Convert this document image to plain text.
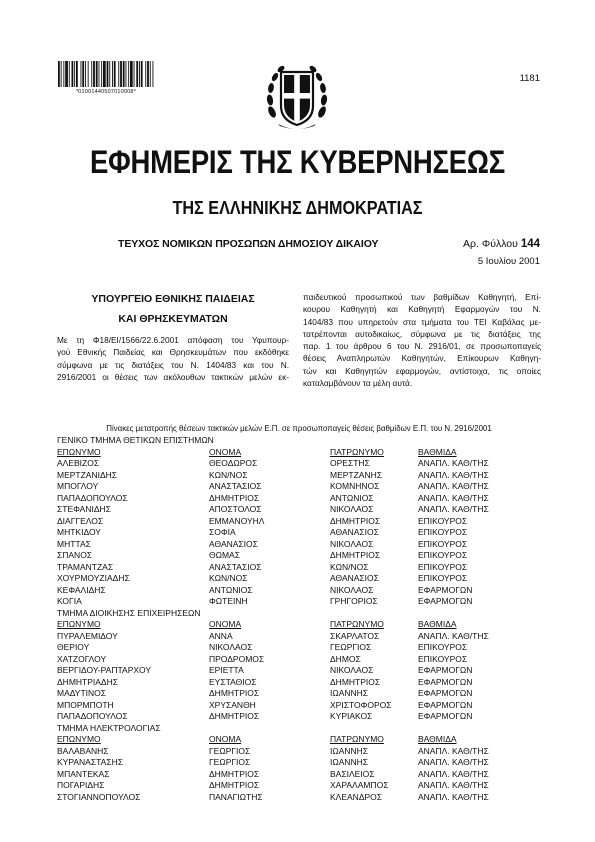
*01001440507010008*
1181
ΕΦΗΜΕΡΙΣ ΤΗΣ ΚΥΒΕΡΝΗΣΕΩΣ
ΤΗΣ ΕΛΛΗΝΙΚΗΣ ΔΗΜΟΚΡΑΤΙΑΣ
ΤΕΥΧΟΣ ΝΟΜΙΚΩΝ ΠΡΟΣΩΠΩΝ ΔΗΜΟΣΙΟΥ ΔΙΚΑΙΟΥ	Αρ. Φύλλου 144
5 Ιουλίου 2001
ΥΠΟΥΡΓΕΙΟ ΕΘΝΙΚΗΣ ΠΑΙΔΕΙΑΣ
ΚΑΙ ΘΡΗΣΚΕΥΜΑΤΩΝ
Με τη Φ18/ΕΙ/1566/22.6.2001 απόφαση του Υφυπουρ-
γού Εθνικής Παιδείας και Θρησκευμάτων που εκδόθηκε
σύμφωνα με τις διατάξεις του Ν. 1404/83 και του Ν.
2916/2001 οι θέσεις των ακόλουθων τακτικών μελών εκ-
παιδευτικού προσωπικού των βαθμίδων Καθηγητή, Επί-
κουρου Καθηγητή και Καθηγητή Εφαρμογών του Ν.
1404/83 που υπηρετούν στα τμήματα του ΤΕΙ Καβάλας με-
τατρέπονται αυτοδικαίως, σύμφωνα με τις διατάξεις της
παρ. 1 του άρθρου 6 του Ν. 2916/01, σε προσωποπαγείς
θέσεις Αναπληρωτών Καθηγητών, Επίκουρων Καθηγη-
τών και Καθηγητών εφαρμογών, αντίστοιχα, τις οποίες
καταλαμβάνουν τα μέλη αυτά.
Πίνακες μετατροπής θέσεων τακτικών μελών Ε.Π. σε προσωποπαγείς θέσεις βαθμίδων Ε.Π. του Ν. 2916/2001
ΓΕΝΙΚΟ ΤΜΗΜΑ ΘΕΤΙΚΩΝ ΕΠΙΣΤΗΜΩΝ
ΕΠΩΝΥΜΟ	ΟΝΟΜΑ	ΠΑΤΡΩΝΥΜΟ	ΒΑΘΜΙΔΑ
ΑΛΕΒΙΖΟΣ	ΘΕΟΔΩΡΟΣ	ΟΡΕΣΤΗΣ	ΑΝΑΠΛ. ΚΑΘ/ΤΗΣ
ΜΕΡΤΖΑΝΙΔΗΣ	ΚΩΝ/ΝΟΣ	ΜΕΡΤΖΑΝΗΣ	ΑΝΑΠΛ. ΚΑΘ/ΤΗΣ
ΜΠΟΓΛΟΥ	ΑΝΑΣΤΑΣΙΟΣ	ΚΟΜΝΗΝΟΣ	ΑΝΑΠΛ. ΚΑΘ/ΤΗΣ
ΠΑΠΑΔΟΠΟΥΛΟΣ	ΔΗΜΗΤΡΙΟΣ	ΑΝΤΩΝΙΟΣ	ΑΝΑΠΛ. ΚΑΘ/ΤΗΣ
ΣΤΕΦΑΝΙΔΗΣ	ΑΠΟΣΤΟΛΟΣ	ΝΙΚΟΛΑΟΣ	ΑΝΑΠΛ. ΚΑΘ/ΤΗΣ
ΔΙΑΓΓΕΛΟΣ	ΕΜΜΑΝΟΥΗΛ	ΔΗΜΗΤΡΙΟΣ	ΕΠΙΚΟΥΡΟΣ
ΜΗΤΚΙΔΟΥ	ΣΟΦΙΑ	ΑΘΑΝΑΣΙΟΣ	ΕΠΙΚΟΥΡΟΣ
ΜΗΤΤΑΣ	ΑΘΑΝΑΣΙΟΣ	ΝΙΚΟΛΑΟΣ	ΕΠΙΚΟΥΡΟΣ
ΣΠΑΝΟΣ	ΘΩΜΑΣ	ΔΗΜΗΤΡΙΟΣ	ΕΠΙΚΟΥΡΟΣ
ΤΡΑΜΑΝΤΖΑΣ	ΑΝΑΣΤΑΣΙΟΣ	ΚΩΝ/ΝΟΣ	ΕΠΙΚΟΥΡΟΣ
ΧΟΥΡΜΟΥΖΙΑΔΗΣ	ΚΩΝ/ΝΟΣ	ΑΘΑΝΑΣΙΟΣ	ΕΠΙΚΟΥΡΟΣ
ΚΕΦΑΛΙΔΗΣ	ΑΝΤΩΝΙΟΣ	ΝΙΚΟΛΑΟΣ	ΕΦΑΡΜΟΓΩΝ
ΚΟΓΙΑ	ΦΩΤΕΙΝΗ	ΓΡΗΓΟΡΙΟΣ	ΕΦΑΡΜΟΓΩΝ
ΤΜΗΜΑ ΔΙΟΙΚΗΣΗΣ ΕΠΙΧΕΙΡΗΣΕΩΝ
ΕΠΩΝΥΜΟ	ΟΝΟΜΑ	ΠΑΤΡΩΝΥΜΟ	ΒΑΘΜΙΔΑ
ΠΥΡΑΛΕΜΙΔΟΥ	ΑΝΝΑ	ΣΚΑΡΛΑΤΟΣ	ΑΝΑΠΛ. ΚΑΘ/ΤΗΣ
ΘΕΡΙΟΥ	ΝΙΚΟΛΑΟΣ	ΓΕΩΡΓΙΟΣ	ΕΠΙΚΟΥΡΟΣ
ΧΑΤΖΟΓΛΟΥ	ΠΡΟΔΡΟΜΟΣ	ΔΗΜΟΣ	ΕΠΙΚΟΥΡΟΣ
ΒΕΡΓΙΔΟΥ-ΡΑΠΤΑΡΧΟΥ	ΕΡΙΕΤΤΑ	ΝΙΚΟΛΑΟΣ	ΕΦΑΡΜΟΓΩΝ
ΔΗΜΗΤΡΙΑΔΗΣ	ΕΥΣΤΑΘΙΟΣ	ΔΗΜΗΤΡΙΟΣ	ΕΦΑΡΜΟΓΩΝ
ΜΑΔΥΤΙΝΟΣ	ΔΗΜΗΤΡΙΟΣ	ΙΩΑΝΝΗΣ	ΕΦΑΡΜΟΓΩΝ
ΜΠΟΡΜΠΟΤΗ	ΧΡΥΣΑΝΘΗ	ΧΡΙΣΤΟΦΟΡΟΣ	ΕΦΑΡΜΟΓΩΝ
ΠΑΠΑΔΟΠΟΥΛΟΣ	ΔΗΜΗΤΡΙΟΣ	ΚΥΡΙΑΚΟΣ	ΕΦΑΡΜΟΓΩΝ
ΤΜΗΜΑ ΗΛΕΚΤΡΟΛΟΓΙΑΣ
ΕΠΩΝΥΜΟ	ΟΝΟΜΑ	ΠΑΤΡΩΝΥΜΟ	ΒΑΘΜΙΔΑ
ΒΑΛΑΒΑΝΗΣ	ΓΕΩΡΓΙΟΣ	ΙΩΑΝΝΗΣ	ΑΝΑΠΛ. ΚΑΘ/ΤΗΣ
ΚΥΡΑΝΑΣΤΑΣΗΣ	ΓΕΩΡΓΙΟΣ	ΙΩΑΝΝΗΣ	ΑΝΑΠΛ. ΚΑΘ/ΤΗΣ
ΜΠΑΝΤΕΚΑΣ	ΔΗΜΗΤΡΙΟΣ	ΒΑΣΙΛΕΙΟΣ	ΑΝΑΠΛ. ΚΑΘ/ΤΗΣ
ΠΟΓΑΡΙΔΗΣ	ΔΗΜΗΤΡΙΟΣ	ΧΑΡΑΛΑΜΠΟΣ	ΑΝΑΠΛ. ΚΑΘ/ΤΗΣ
ΣΤΟΓΙΑΝΝΟΠΟΥΛΟΣ	ΠΑΝΑΓΙΩΤΗΣ	ΚΛΕΑΝΔΡΟΣ	ΑΝΑΠΛ. ΚΑΘ/ΤΗΣ
